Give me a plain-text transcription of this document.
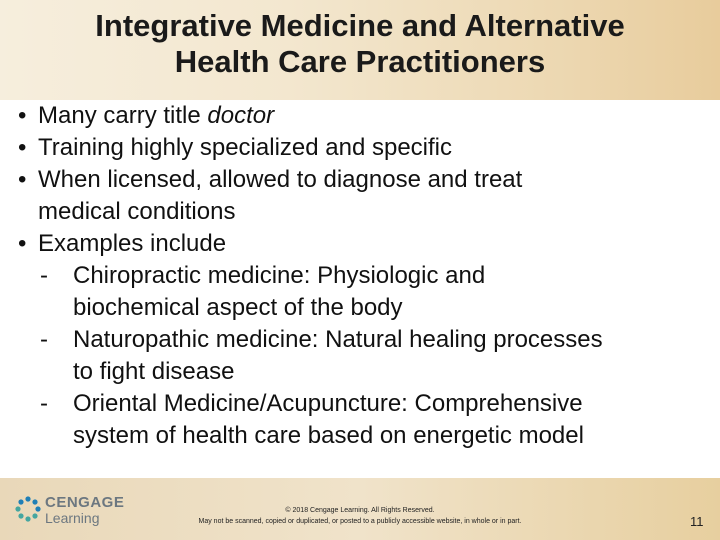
Integrative Medicine and Alternative
Health Care Practitioners
• Many carry title doctor
• Training highly specialized and specific
• When licensed, allowed to diagnose and treat
medical conditions
• Examples include
- Chiropractic medicine: Physiologic and
biochemical aspect of the body
- Naturopathic medicine: Natural healing processes
to fight disease
- Oriental Medicine/Acupuncture: Comprehensive
system of health care based on energetic model
CENGAGE
Learning	© 2018 Cengage Learning. All Rights Reserved.
May not be scanned, copied or duplicated, or posted to a publicly accessible website, in whole or in part.	11
